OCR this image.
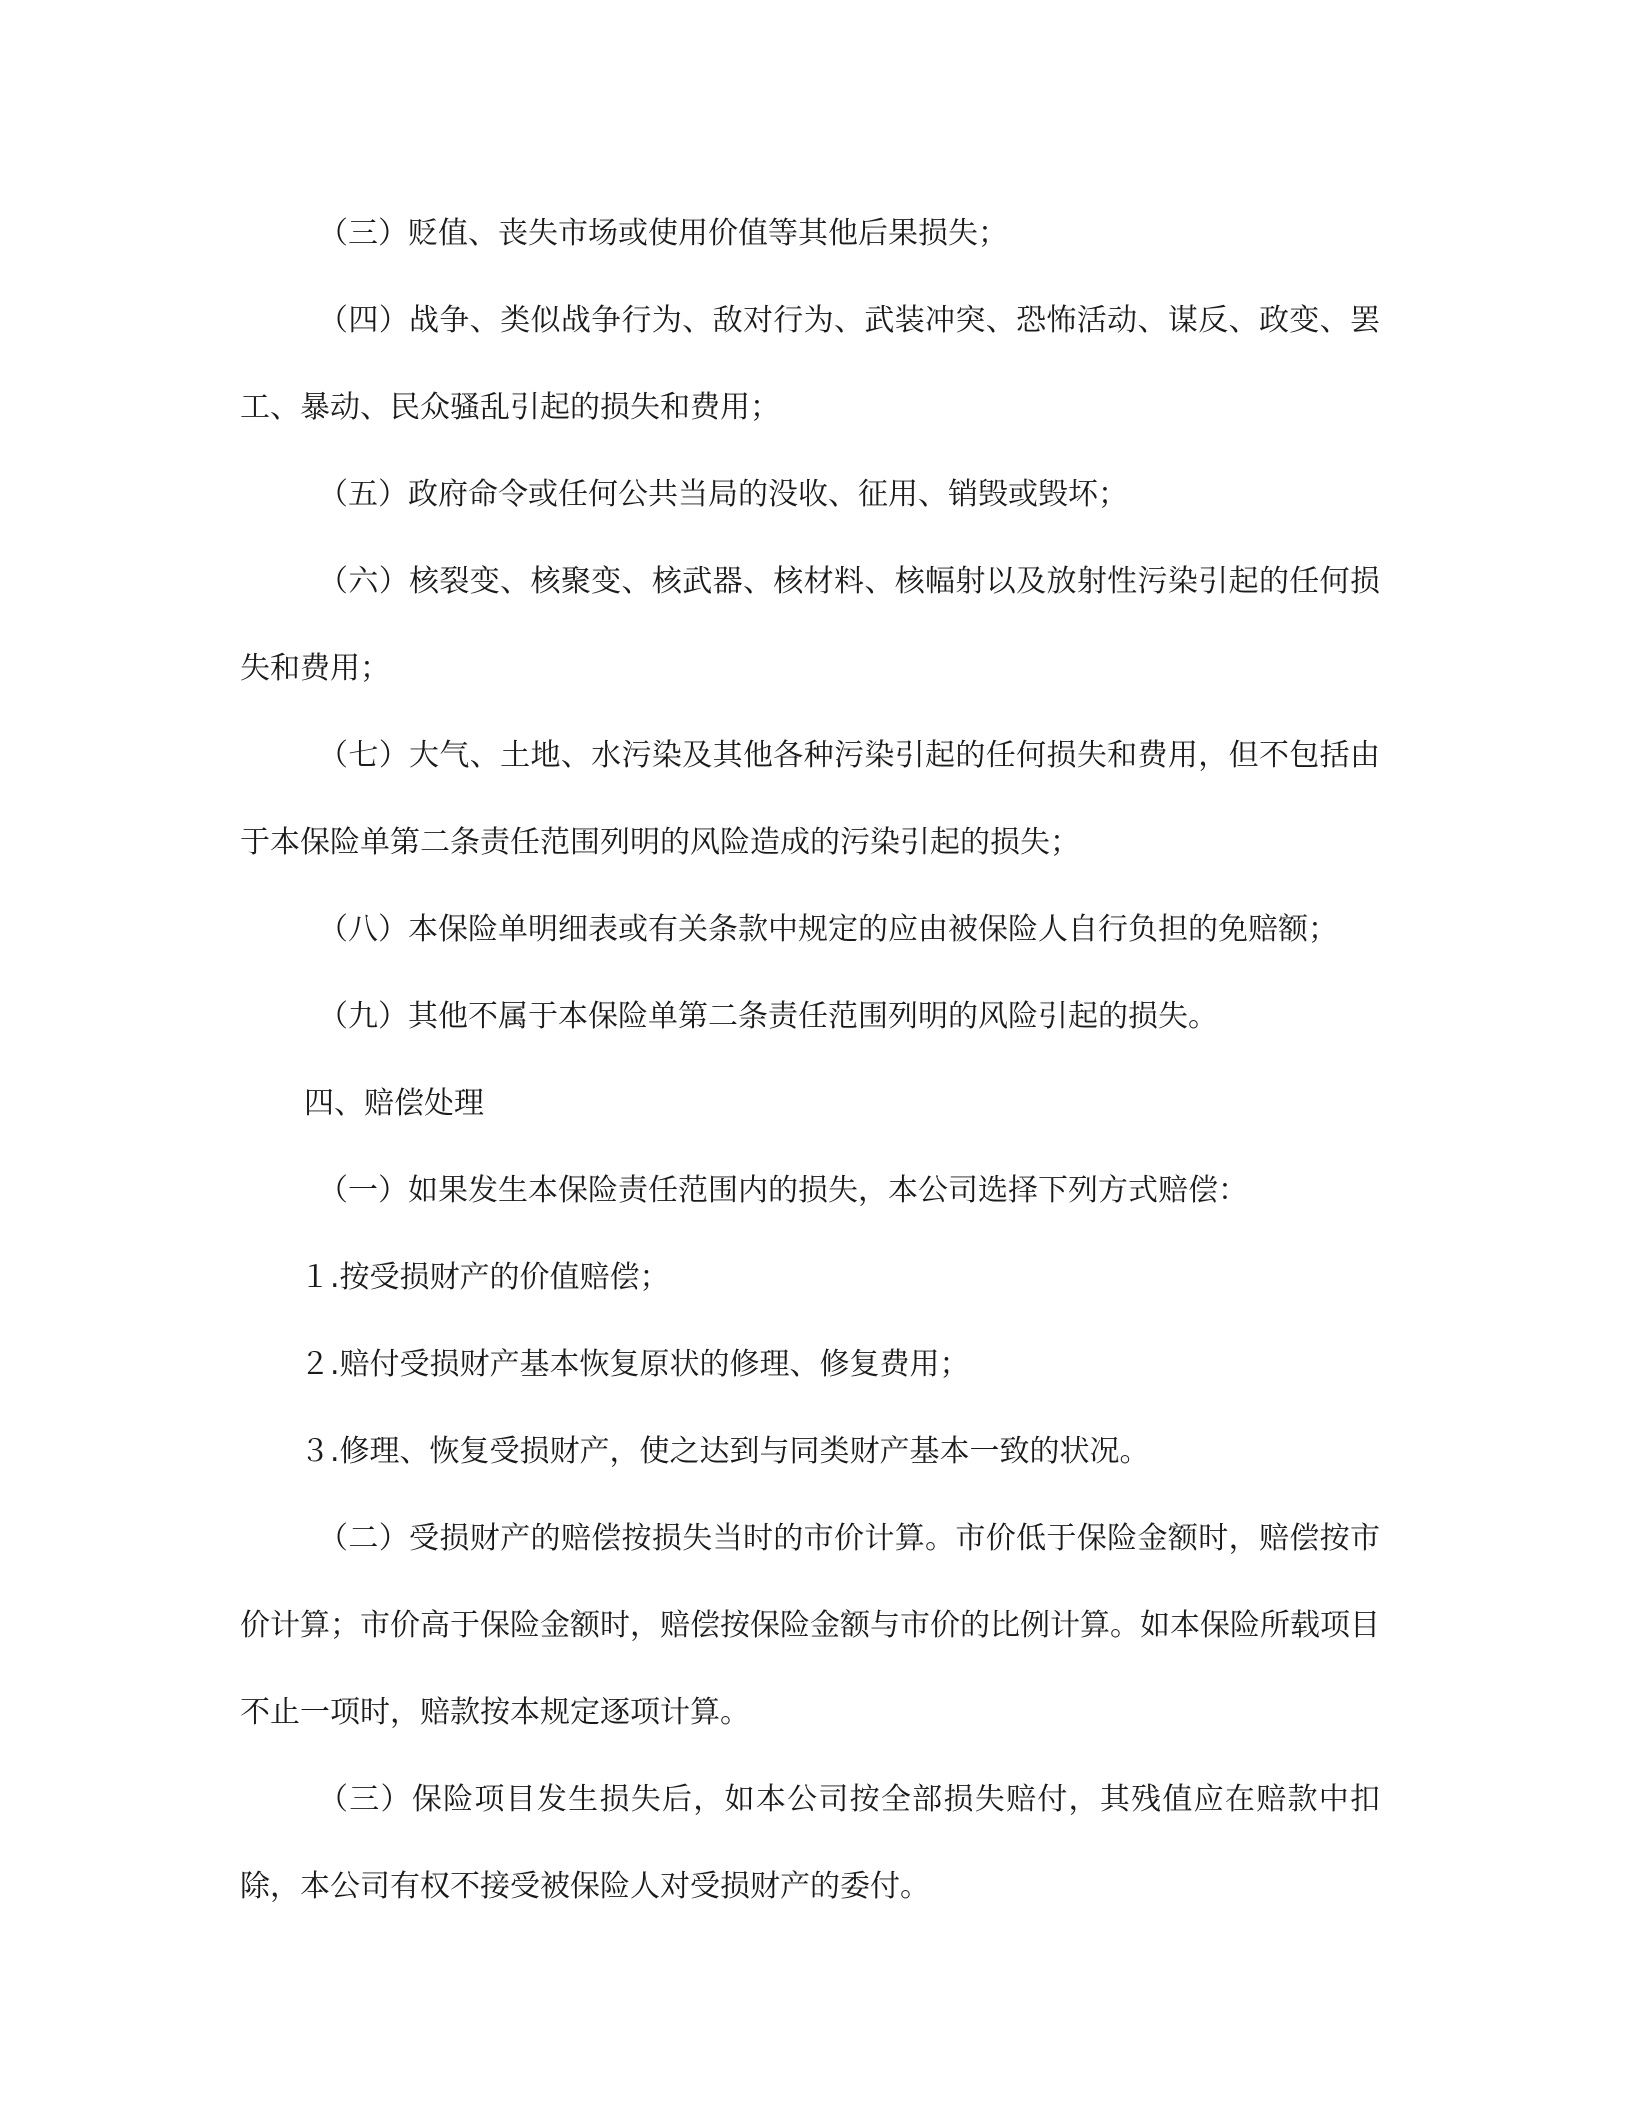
（三）贬值、丧失市场或使用价值等其他后果损失；

（四）战争、类似战争行为、敌对行为、武装冲突、恐怖活动、谋反、政变、罢工、暴动、民众骚乱引起的损失和费用；

（五）政府命令或任何公共当局的没收、征用、销毁或毁坏；

（六）核裂变、核聚变、核武器、核材料、核幅射以及放射性污染引起的任何损失和费用；

（七）大气、土地、水污染及其他各种污染引起的任何损失和费用，但不包括由于本保险单第二条责任范围列明的风险造成的污染引起的损失；

（八）本保险单明细表或有关条款中规定的应由被保险人自行负担的免赔额；

（九）其他不属于本保险单第二条责任范围列明的风险引起的损失。

四、赔偿处理

（一）如果发生本保险责任范围内的损失，本公司选择下列方式赔偿：

１.按受损财产的价值赔偿；

２.赔付受损财产基本恢复原状的修理、修复费用；

３.修理、恢复受损财产，使之达到与同类财产基本一致的状况。

（二）受损财产的赔偿按损失当时的市价计算。市价低于保险金额时，赔偿按市价计算；市价高于保险金额时，赔偿按保险金额与市价的比例计算。如本保险所载项目不止一项时，赔款按本规定逐项计算。

（三）保险项目发生损失后，如本公司按全部损失赔付，其残值应在赔款中扣除，本公司有权不接受被保险人对受损财产的委付。
